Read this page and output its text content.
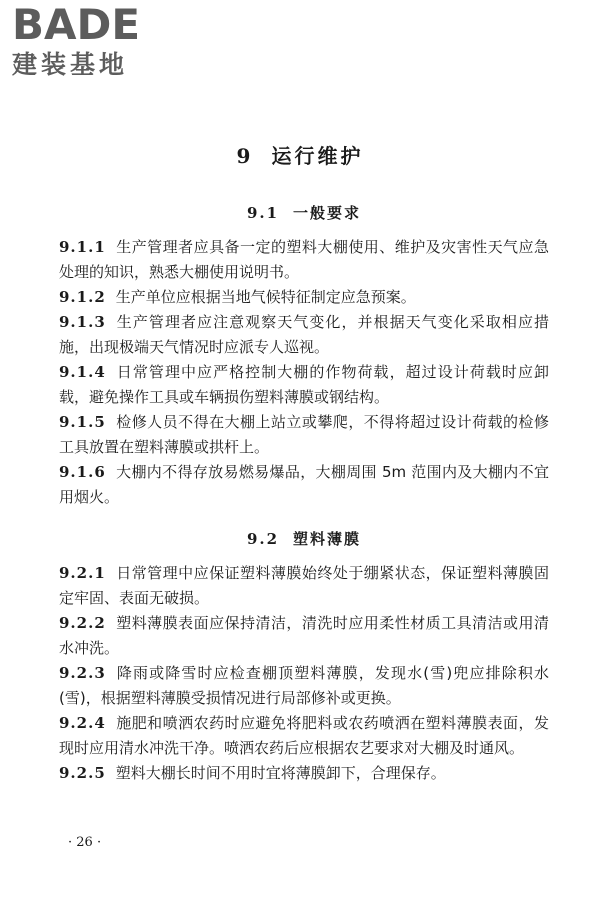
BADE
建装基地
9 运行维护
9.1 一般要求

9.1.1 生产管理者应具备一定的塑料大棚使用、维护及灾害性天气应急处理的知识，熟悉大棚使用说明书。

9.1.2 生产单位应根据当地气候特征制定应急预案。

9.1.3 生产管理者应注意观察天气变化，并根据天气变化采取相应措施，出现极端天气情况时应派专人巡视。

9.1.4 日常管理中应严格控制大棚的作物荷载，超过设计荷载时应卸载，避免操作工具或车辆损伤塑料薄膜或钢结构。

9.1.5 检修人员不得在大棚上站立或攀爬，不得将超过设计荷载的检修工具放置在塑料薄膜或拱杆上。

9.1.6 大棚内不得存放易燃易爆品，大棚周围 5m 范围内及大棚内不宜用烟火。

9.2 塑料薄膜

9.2.1 日常管理中应保证塑料薄膜始终处于绷紧状态，保证塑料薄膜固定牢固、表面无破损。

9.2.2 塑料薄膜表面应保持清洁，清洗时应用柔性材质工具清洁或用清水冲洗。

9.2.3 降雨或降雪时应检查棚顶塑料薄膜，发现水(雪)兜应排除积水(雪)，根据塑料薄膜受损情况进行局部修补或更换。

9.2.4 施肥和喷洒农药时应避免将肥料或农药喷洒在塑料薄膜表面，发现时应用清水冲洗干净。喷洒农药后应根据农艺要求对大棚及时通风。

9.2.5 塑料大棚长时间不用时宜将薄膜卸下，合理保存。

· 26 ·
